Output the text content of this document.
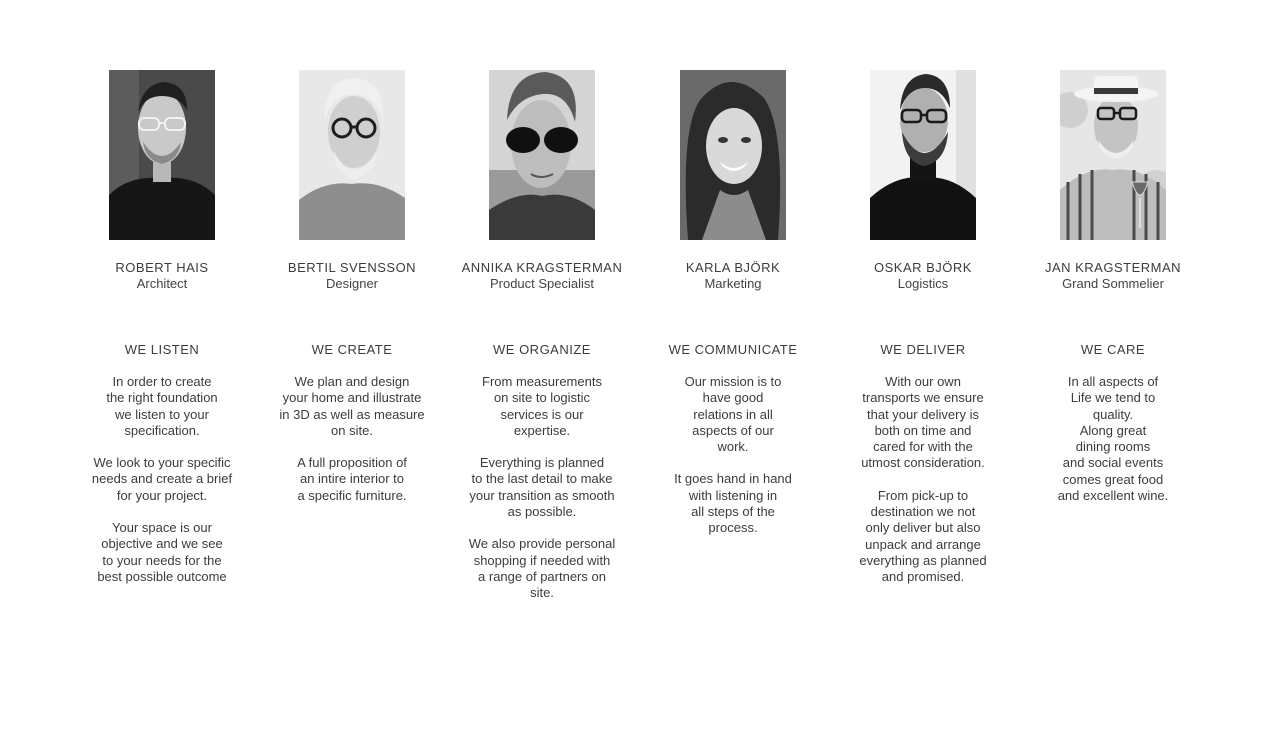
ROBERT HAIS
Architect
WE LISTEN

In order to create
the right foundation
we listen to your
specification.

We look to your specific
needs and create a brief
for your project.

Your space is our
objective and we see
to your needs for the
best possible outcome

BERTIL SVENSSON
Designer
WE CREATE

We plan and design
your home and illustrate
in 3D as well as measure
on site.

A full proposition of
an intire interior to
a specific furniture.

ANNIKA KRAGSTERMAN
Product Specialist
WE ORGANIZE

From measurements
on site to logistic
services is our
expertise.

Everything is planned
to the last detail to make
your transition as smooth
as possible.

We also provide personal
shopping if needed with
a range of partners on
site.

KARLA BJÖRK
Marketing
WE COMMUNICATE

Our mission is to
have good
relations in all
aspects of our
work.

It goes hand in hand
with listening in
all steps of the
process.

OSKAR BJÖRK
Logistics
WE DELIVER

With our own
transports we ensure
that your delivery is
both on time and
cared for with the
utmost consideration.

From pick-up to
destination we not
only deliver but also
unpack and arrange
everything as planned
and promised.

JAN KRAGSTERMAN
Grand Sommelier
WE CARE

In all aspects of
Life we tend to
quality.
Along great
dining rooms
and social events
comes great food
and excellent wine.
